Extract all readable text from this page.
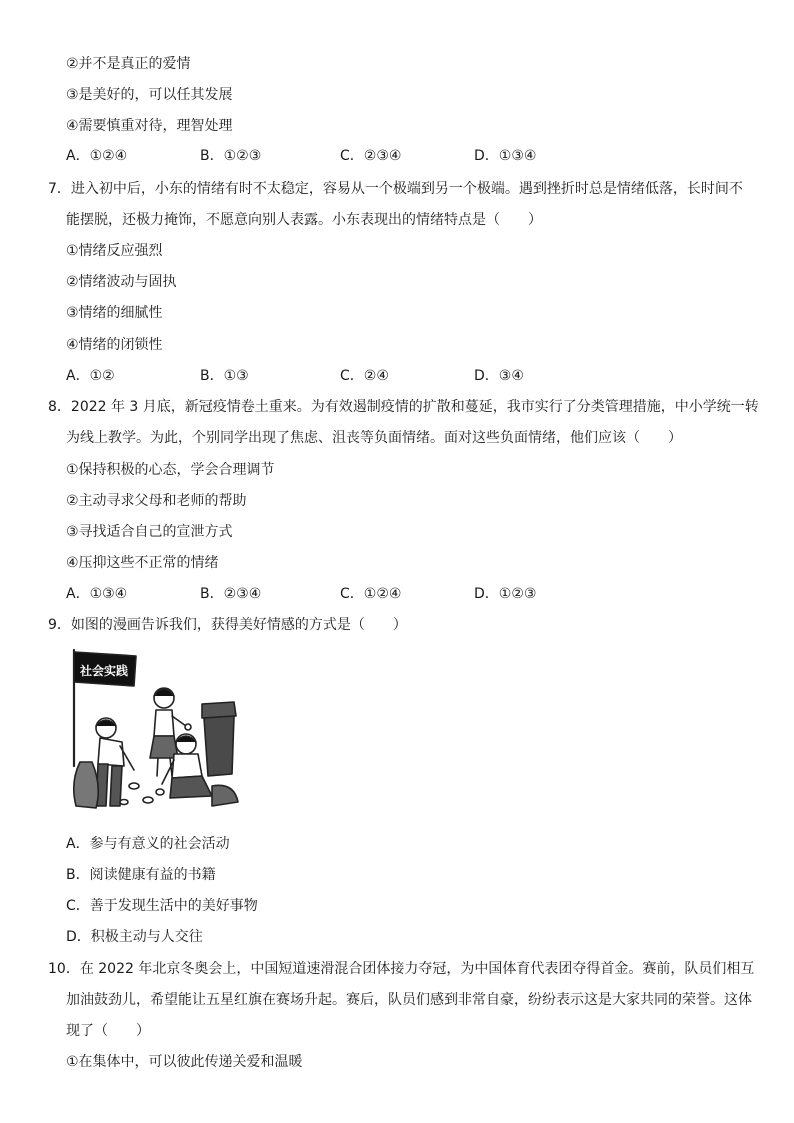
②并不是真正的爱情
③是美好的，可以任其发展
④需要慎重对待，理智处理
A．①②④	B．①②③	C．②③④	D．①③④
7．进入初中后，小东的情绪有时不太稳定，容易从一个极端到另一个极端。遇到挫折时总是情绪低落，长时间不
能摆脱，还极力掩饰，不愿意向别人表露。小东表现出的情绪特点是（　　）
①情绪反应强烈
②情绪波动与固执
③情绪的细腻性
④情绪的闭锁性
A．①②	B．①③	C．②④	D．③④
8．2022 年 3 月底，新冠疫情卷土重来。为有效遏制疫情的扩散和蔓延，我市实行了分类管理措施，中小学统一转
为线上教学。为此，个别同学出现了焦虑、沮丧等负面情绪。面对这些负面情绪，他们应该（　　）
①保持积极的心态，学会合理调节
②主动寻求父母和老师的帮助
③寻找适合自己的宣泄方式
④压抑这些不正常的情绪
A．①③④	B．②③④	C．①②④	D．①②③
9．如图的漫画告诉我们，获得美好情感的方式是（　　）
社会实践
A．参与有意义的社会活动
B．阅读健康有益的书籍
C．善于发现生活中的美好事物
D．积极主动与人交往
10．在 2022 年北京冬奥会上，中国短道速滑混合团体接力夺冠，为中国体育代表团夺得首金。赛前，队员们相互
加油鼓劲儿，希望能让五星红旗在赛场升起。赛后，队员们感到非常自豪，纷纷表示这是大家共同的荣誉。这体
现了（　　）
①在集体中，可以彼此传递关爱和温暖
